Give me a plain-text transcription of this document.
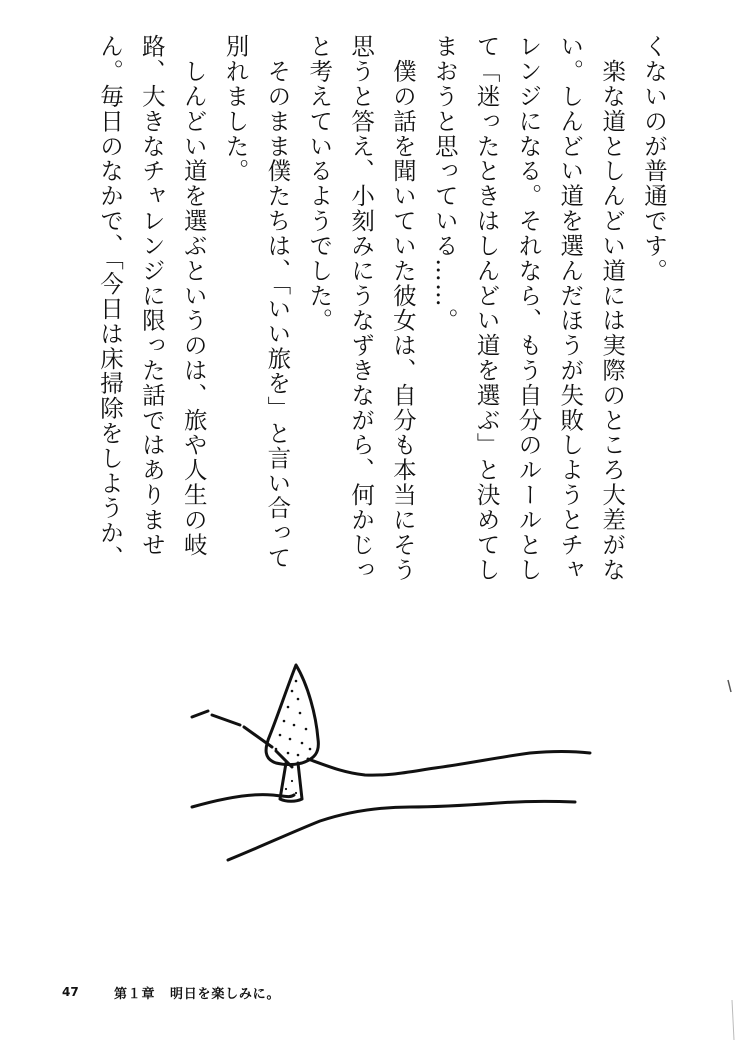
くないのが普通です。
　楽な道としんどい道には実際のところ大差がな
い。しんどい道を選んだほうが失敗しようとチャ
レンジになる。それなら、もう自分のルールとし
て「迷ったときはしんどい道を選ぶ」と決めてし
まおうと思っている……。
　僕の話を聞いていた彼女は、自分も本当にそう
思うと答え、小刻みにうなずきながら、何かじっ
と考えているようでした。
　そのまま僕たちは、「いい旅を」と言い合って
別れました。
　しんどい道を選ぶというのは、旅や人生の岐
路、大きなチャレンジに限った話ではありませ
ん。毎日のなかで、「今日は床掃除をしようか、
47	第１章 明日を楽しみに。
